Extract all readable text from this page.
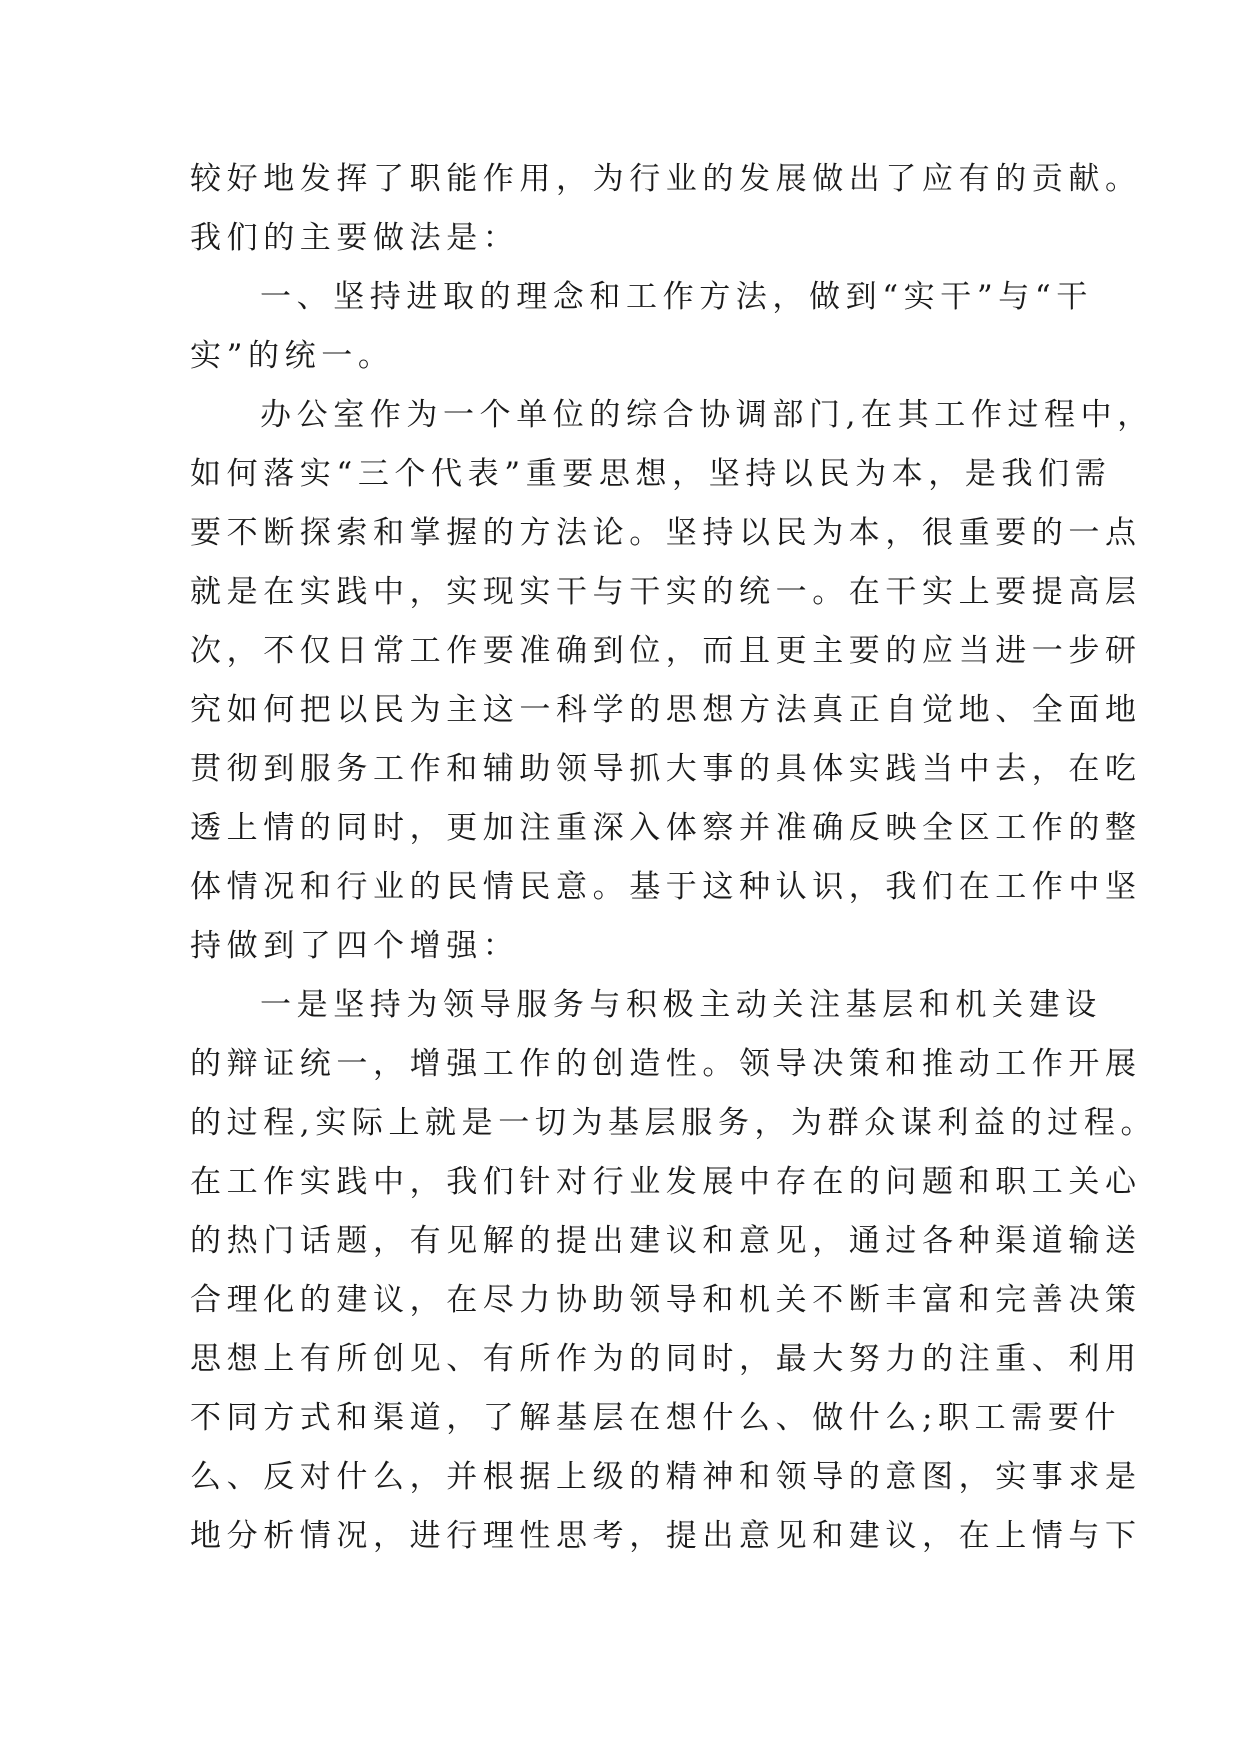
较好地发挥了职能作用，为行业的发展做出了应有的贡献。
我们的主要做法是：
一、坚持进取的理念和工作方法，做到“实干”与“干
实”的统一。
办公室作为一个单位的综合协调部门,在其工作过程中，
如何落实“三个代表”重要思想，坚持以民为本，是我们需
要不断探索和掌握的方法论。坚持以民为本，很重要的一点
就是在实践中，实现实干与干实的统一。在干实上要提高层
次，不仅日常工作要准确到位，而且更主要的应当进一步研
究如何把以民为主这一科学的思想方法真正自觉地、全面地
贯彻到服务工作和辅助领导抓大事的具体实践当中去，在吃
透上情的同时，更加注重深入体察并准确反映全区工作的整
体情况和行业的民情民意。基于这种认识，我们在工作中坚
持做到了四个增强：
一是坚持为领导服务与积极主动关注基层和机关建设
的辩证统一，增强工作的创造性。领导决策和推动工作开展
的过程,实际上就是一切为基层服务，为群众谋利益的过程。
在工作实践中，我们针对行业发展中存在的问题和职工关心
的热门话题，有见解的提出建议和意见，通过各种渠道输送
合理化的建议，在尽力协助领导和机关不断丰富和完善决策
思想上有所创见、有所作为的同时，最大努力的注重、利用
不同方式和渠道，了解基层在想什么、做什么;职工需要什
么、反对什么，并根据上级的精神和领导的意图，实事求是
地分析情况，进行理性思考，提出意见和建议，在上情与下
